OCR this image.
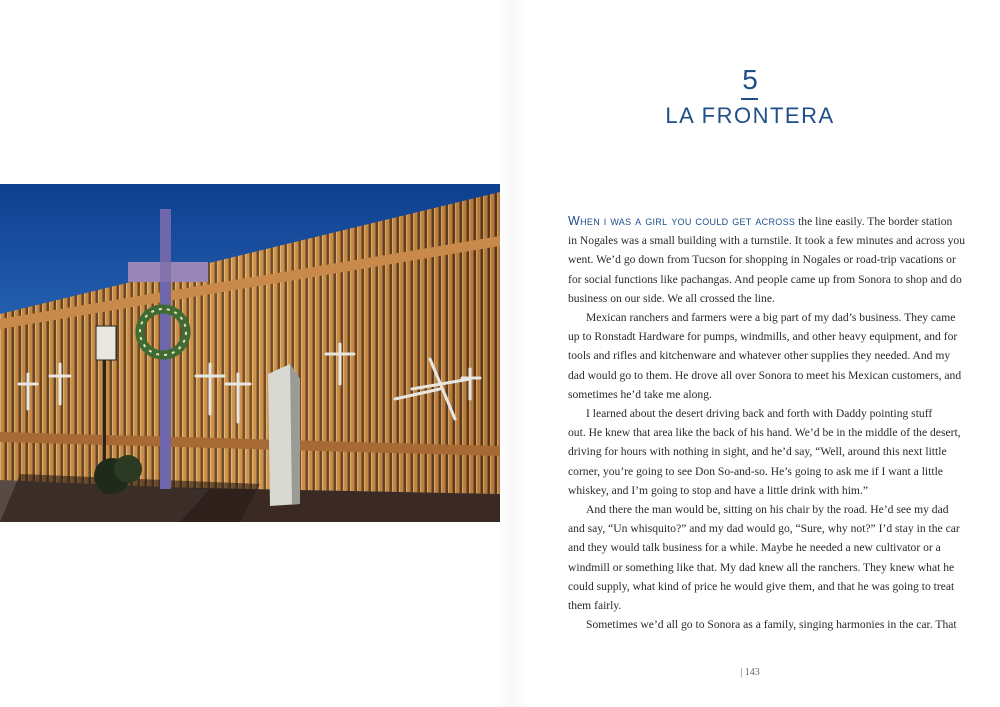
5
LA FRONTERA
When i was a girl you could get across the line easily. The border station
in Nogales was a small building with a turnstile. It took a few minutes and across you
went. We’d go down from Tucson for shopping in Nogales or road-trip vacations or
for social functions like pachangas. And people came up from Sonora to shop and do
business on our side. We all crossed the line.
Mexican ranchers and farmers were a big part of my dad’s business. They came
up to Ronstadt Hardware for pumps, windmills, and other heavy equipment, and for
tools and rifles and kitchenware and whatever other supplies they needed. And my
dad would go to them. He drove all over Sonora to meet his Mexican customers, and
sometimes he’d take me along.
I learned about the desert driving back and forth with Daddy pointing stuff
out. He knew that area like the back of his hand. We’d be in the middle of the desert,
driving for hours with nothing in sight, and he’d say, “Well, around this next little
corner, you’re going to see Don So-and-so. He’s going to ask me if I want a little
whiskey, and I’m going to stop and have a little drink with him.”
And there the man would be, sitting on his chair by the road. He’d see my dad
and say, “Un whisquito?” and my dad would go, “Sure, why not?” I’d stay in the car
and they would talk business for a while. Maybe he needed a new cultivator or a
windmill or something like that. My dad knew all the ranchers. They knew what he
could supply, what kind of price he would give them, and that he was going to treat
them fairly.
Sometimes we’d all go to Sonora as a family, singing harmonies in the car. That
| 143
